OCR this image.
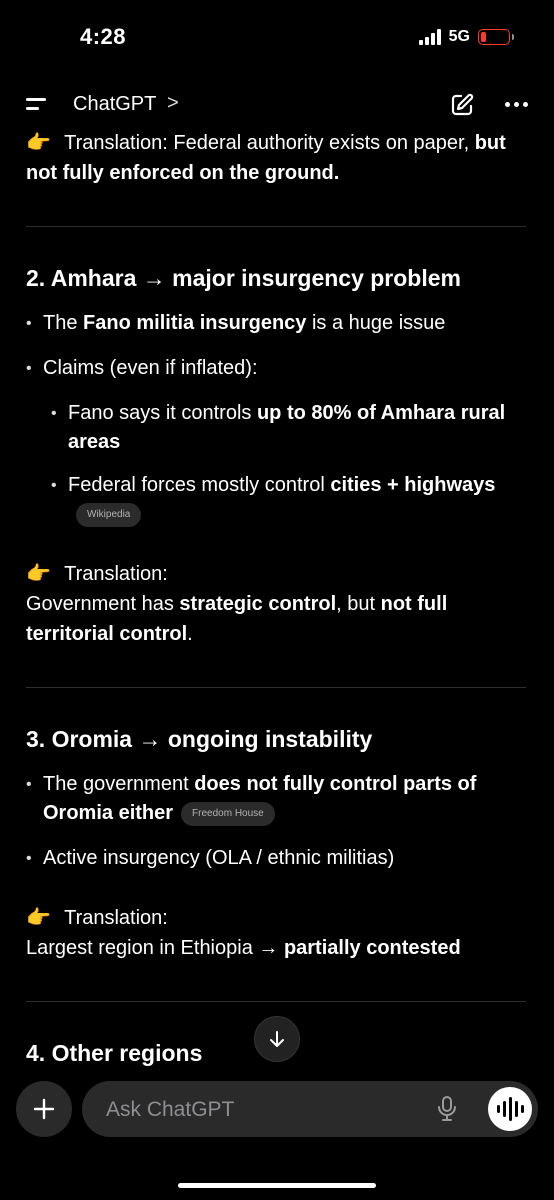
4:28	5G
ChatGPT >

👉 Translation: Federal authority exists on paper, but not fully enforced on the ground.

2. Amhara → major insurgency problem

• The Fano militia insurgency is a huge issue
• Claims (even if inflated):
• Fano says it controls up to 80% of Amhara rural areas
• Federal forces mostly control cities + highwaysWikipedia

👉 Translation:

Government has strategic control, but not full territorial control.

3. Oromia → ongoing instability

• The government does not fully control parts of Oromia either Freedom House
• Active insurgency (OLA / ethnic militias)

👉 Translation:

Largest region in Ethiopia → partially contested

4. Other regions

Ask ChatGPT
